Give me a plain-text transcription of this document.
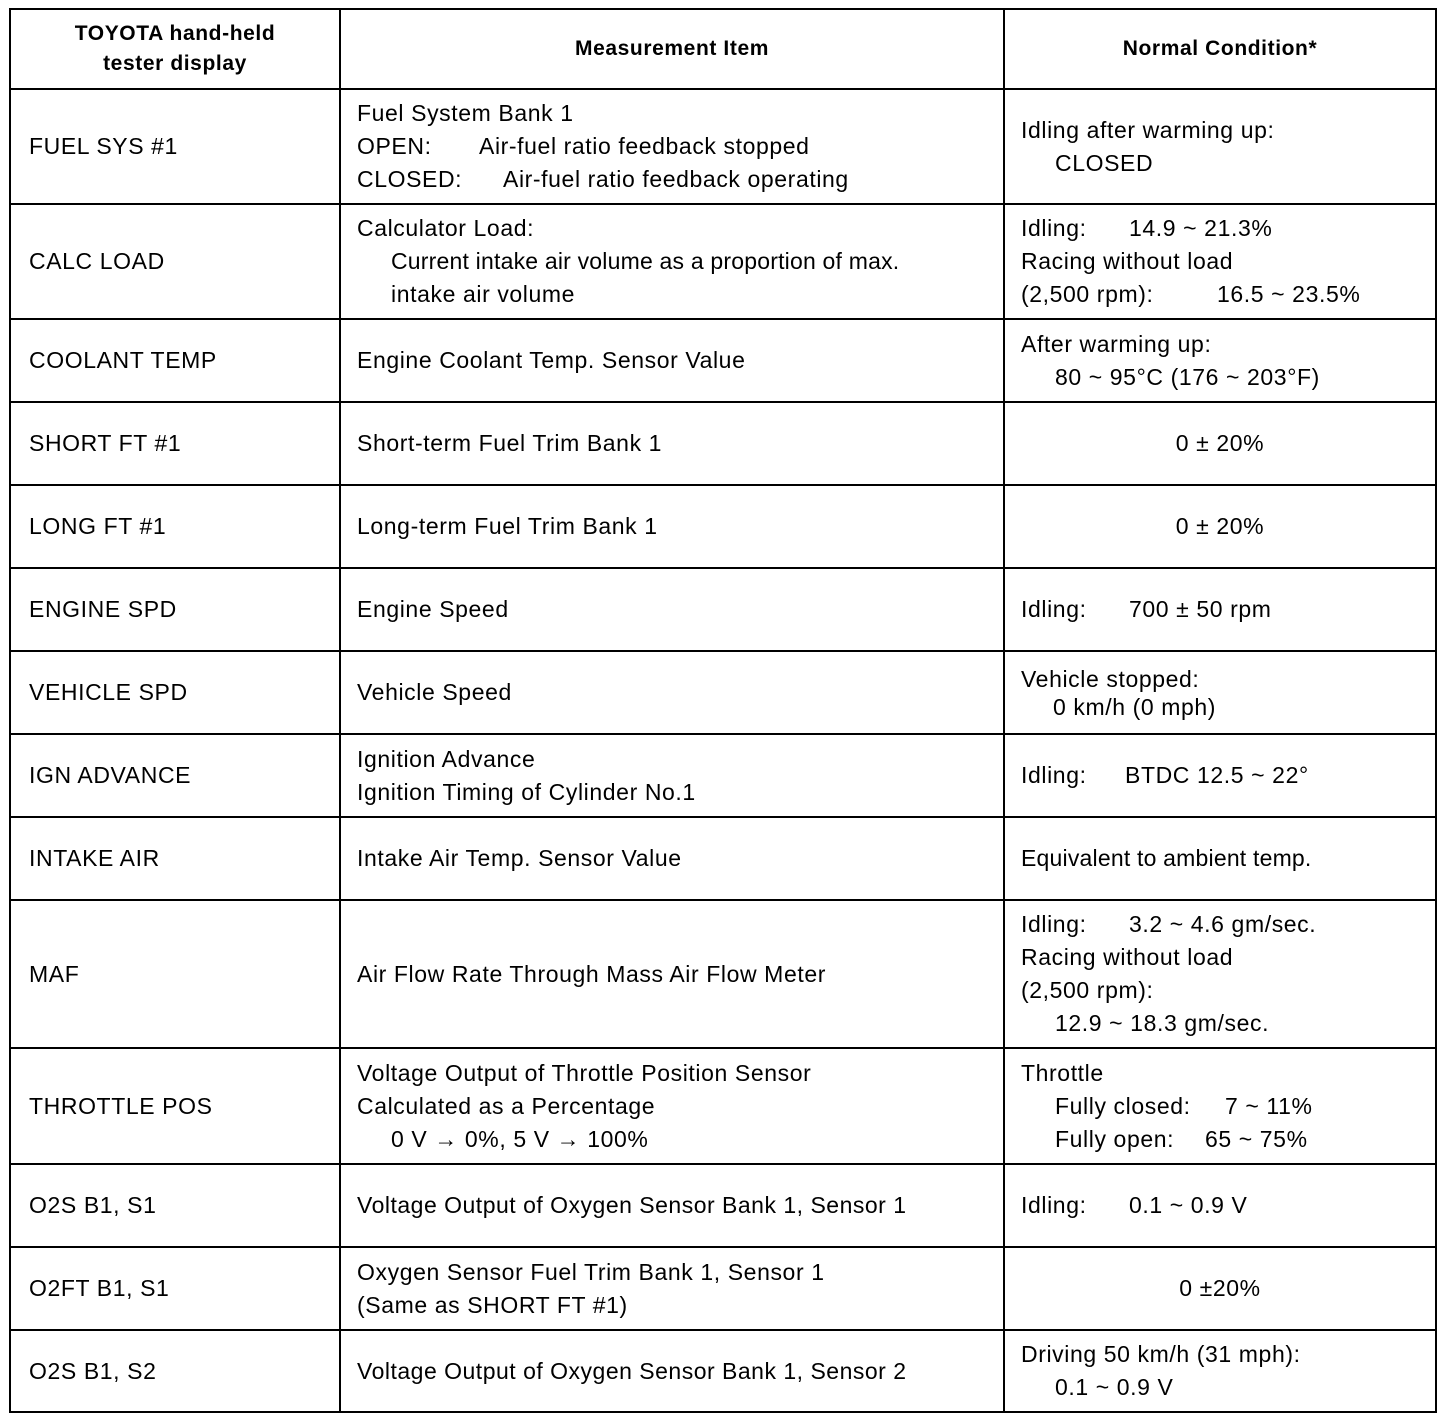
TOYOTA hand-held
tester display	Measurement Item	Normal Condition*
FUEL SYS #1	Fuel System Bank 1
OPEN: Air-fuel ratio feedback stopped
CLOSED: Air-fuel ratio feedback operating	Idling after warming up:
CLOSED

CALC LOAD	Calculator Load:
Current intake air volume as a proportion of max.
intake air volume	Idling: 14.9 ~ 21.3%
Racing without load
(2,500 rpm): 16.5 ~ 23.5%

COOLANT TEMP	Engine Coolant Temp. Sensor Value	After warming up:
80 ~ 95°C (176 ~ 203°F)

SHORT FT #1	Short-term Fuel Trim Bank 1	0 ± 20%
LONG FT #1	Long-term Fuel Trim Bank 1	0 ± 20%
ENGINE SPD	Engine Speed	Idling: 700 ± 50 rpm

VEHICLE SPD	Vehicle Speed	Vehicle stopped:
0 km/h (0 mph)

IGN ADVANCE	Ignition Advance
Ignition Timing of Cylinder No.1	Idling: BTDC 12.5 ~ 22°

INTAKE AIR	Intake Air Temp. Sensor Value	Equivalent to ambient temp.
MAF	Air Flow Rate Through Mass Air Flow Meter	Idling: 3.2 ~ 4.6 gm/sec.
Racing without load
(2,500 rpm):
12.9 ~ 18.3 gm/sec.

THROTTLE POS	Voltage Output of Throttle Position Sensor
Calculated as a Percentage
0 V → 0%, 5 V → 100%	Throttle
Fully closed: 7 ~ 11%
Fully open: 65 ~ 75%

O2S B1, S1	Voltage Output of Oxygen Sensor Bank 1, Sensor 1	Idling: 0.1 ~ 0.9 V

O2FT B1, S1	Oxygen Sensor Fuel Trim Bank 1, Sensor 1
(Same as SHORT FT #1)	0 ±20%
O2S B1, S2	Voltage Output of Oxygen Sensor Bank 1, Sensor 2	Driving 50 km/h (31 mph):
0.1 ~ 0.9 V
